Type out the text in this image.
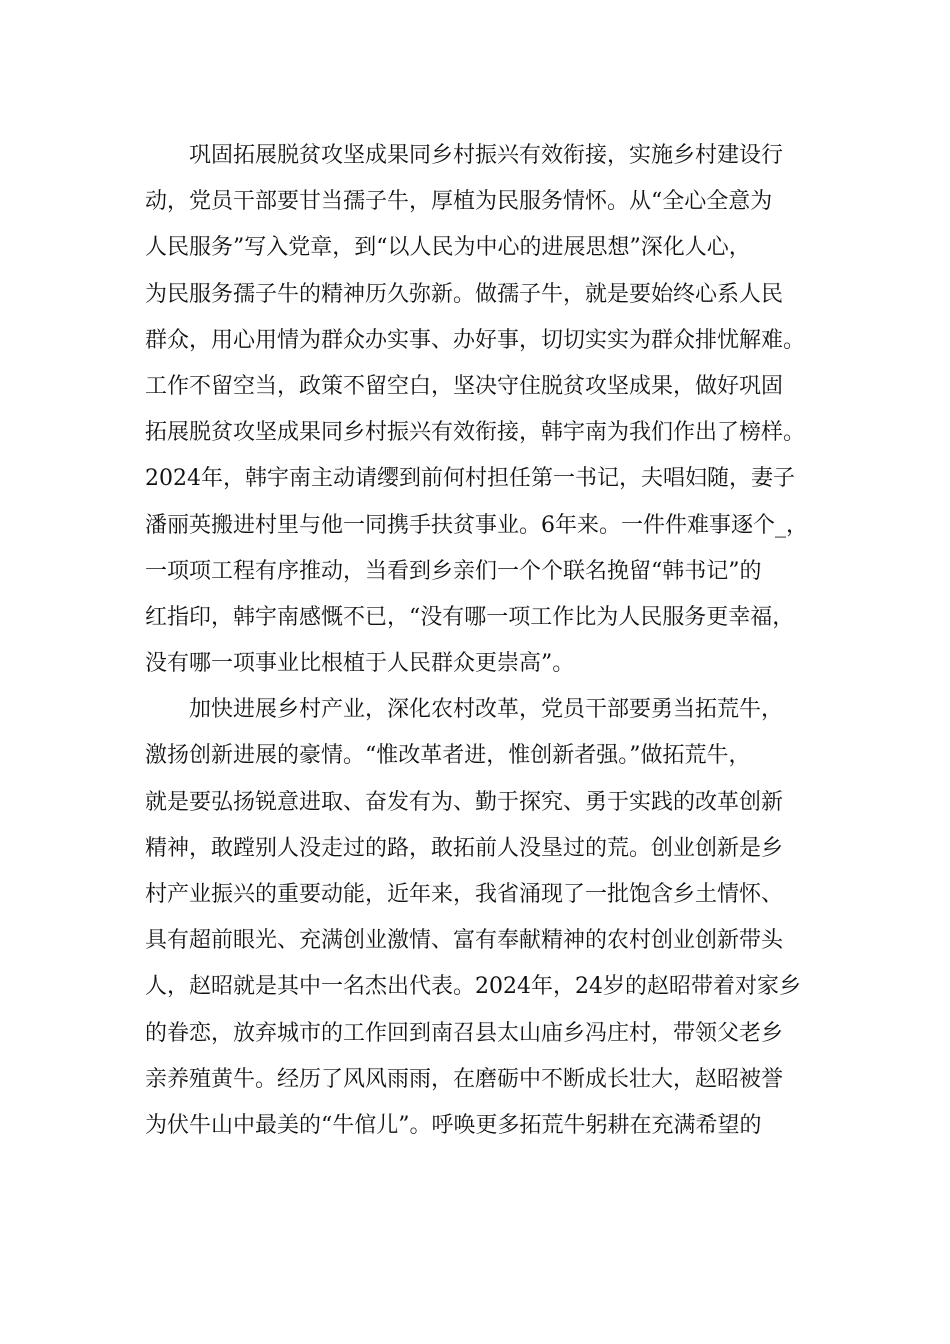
巩固拓展脱贫攻坚成果同乡村振兴有效衔接，实施乡村建设行
动，党员干部要甘当孺子牛，厚植为民服务情怀。从“全心全意为
人民服务”写入党章，到“以人民为中心的进展思想”深化人心，
为民服务孺子牛的精神历久弥新。做孺子牛，就是要始终心系人民
群众，用心用情为群众办实事、办好事，切切实实为群众排忧解难。
工作不留空当，政策不留空白，坚决守住脱贫攻坚成果，做好巩固
拓展脱贫攻坚成果同乡村振兴有效衔接，韩宇南为我们作出了榜样。
2024年，韩宇南主动请缨到前何村担任第一书记，夫唱妇随，妻子
潘丽英搬进村里与他一同携手扶贫事业。6年来。一件件难事逐个_，
一项项工程有序推动，当看到乡亲们一个个联名挽留“韩书记”的
红指印，韩宇南感慨不已，“没有哪一项工作比为人民服务更幸福，
没有哪一项事业比根植于人民群众更崇高”。
加快进展乡村产业，深化农村改革，党员干部要勇当拓荒牛，
激扬创新进展的豪情。“惟改革者进，惟创新者强。”做拓荒牛，
就是要弘扬锐意进取、奋发有为、勤于探究、勇于实践的改革创新
精神，敢蹚别人没走过的路，敢拓前人没垦过的荒。创业创新是乡
村产业振兴的重要动能，近年来，我省涌现了一批饱含乡土情怀、
具有超前眼光、充满创业激情、富有奉献精神的农村创业创新带头
人，赵昭就是其中一名杰出代表。2024年，24岁的赵昭带着对家乡
的眷恋，放弃城市的工作回到南召县太山庙乡冯庄村，带领父老乡
亲养殖黄牛。经历了风风雨雨，在磨砺中不断成长壮大，赵昭被誉
为伏牛山中最美的“牛倌儿”。呼唤更多拓荒牛躬耕在充满希望的
